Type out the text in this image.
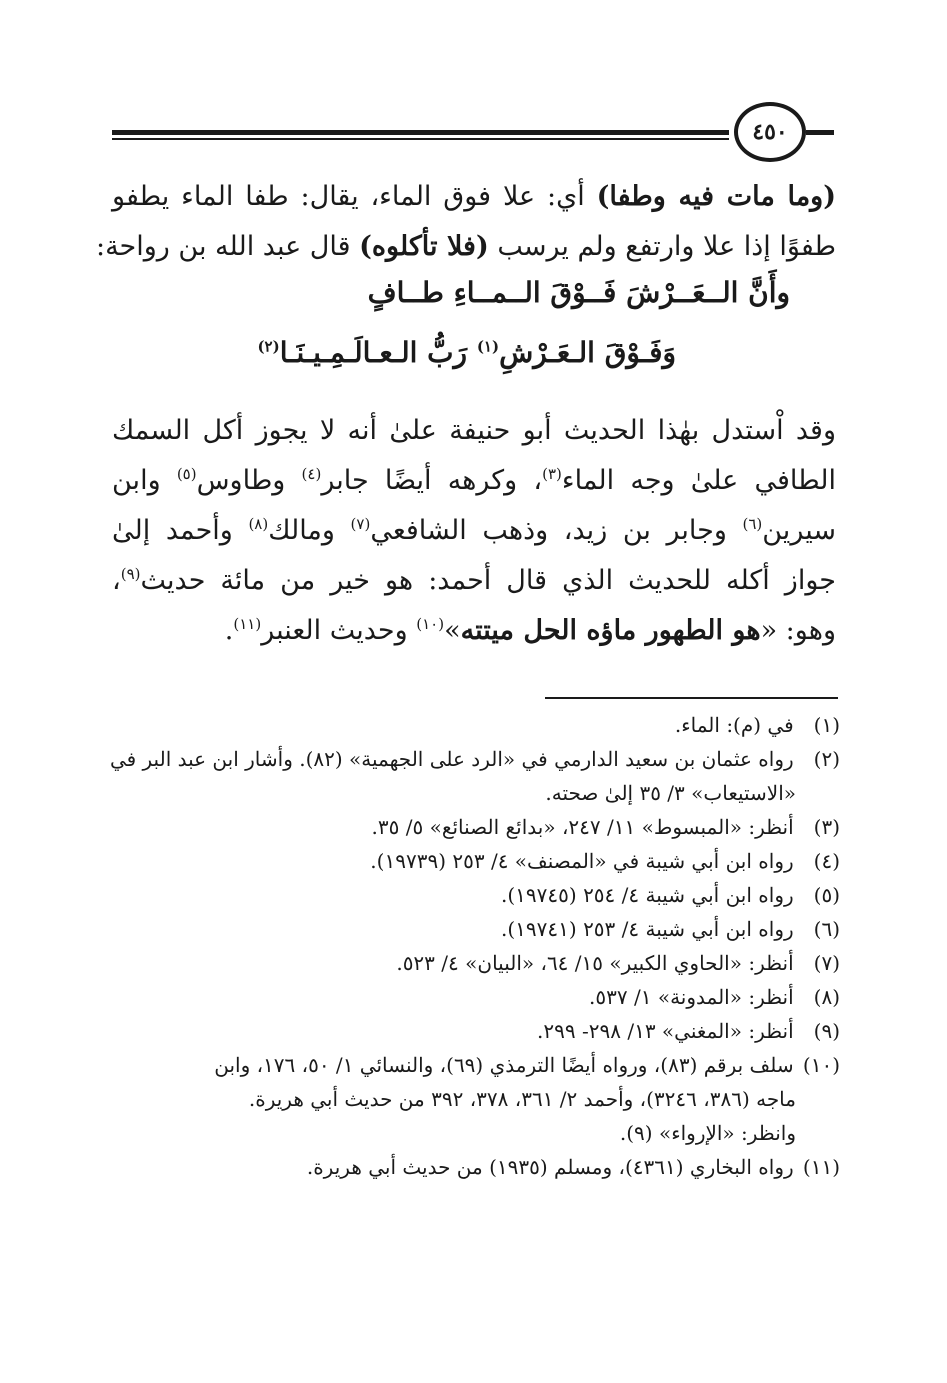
٤٥٠
(وما مات فيه وطفا) أي: علا فوق الماء، يقال: طفا الماء يطفو
طفوًا إذا علا وارتفع ولم يرسب (فلا تأكلوه) قال عبد الله بن رواحة:
وأَنَّ الــعَــرْشَ فَــوْقَ الــمــاءِ طــافٍ
وَفَـوْقَ الـعَـرْشِ$^{(١)}$ رَبُّ الـعـالَـمِـيـنَـا$^{(٢)}$
وقد اْستدل بهٰذا الحديث أبو حنيفة علىٰ أنه لا يجوز أكل السمك
الطافي علىٰ وجه الماء$^{(٣)}$، وكرهه أيضًا جابر$^{(٤)}$ وطاوس$^{(٥)}$ وابن
سيرين$^{(٦)}$ وجابر بن زيد، وذهب الشافعي$^{(٧)}$ ومالك$^{(٨)}$ وأحمد إلىٰ
جواز أكله للحديث الذي قال أحمد: هو خير من مائة حديث$^{(٩)}$،
وهو: «هو الطهور ماؤه الحل ميتته»$^{(١٠)}$ وحديث العنبر$^{(١١)}$.
(١) في (م): الماء.
(٢) رواه عثمان بن سعيد الدارمي في «الرد على الجهمية» (٨٢). وأشار ابن عبد البر في
«الاستيعاب» ٣/ ٣٥ إلىٰ صحته.
(٣) أنظر: «المبسوط» ١١/ ٢٤٧، «بدائع الصنائع» ٥/ ٣٥.
(٤) رواه ابن أبي شيبة في «المصنف» ٤/ ٢٥٣ (١٩٧٣٩).
(٥) رواه ابن أبي شيبة ٤/ ٢٥٤ (١٩٧٤٥).
(٦) رواه ابن أبي شيبة ٤/ ٢٥٣ (١٩٧٤١).
(٧) أنظر: «الحاوي الكبير» ١٥/ ٦٤، «البيان» ٤/ ٥٢٣.
(٨) أنظر: «المدونة» ١/ ٥٣٧.
(٩) أنظر: «المغني» ١٣/ ٢٩٨- ٢٩٩.
(١٠) سلف برقم (٨٣)، ورواه أيضًا الترمذي (٦٩)، والنسائي ١/ ٥٠، ١٧٦، وابن
ماجه (٣٨٦، ٣٢٤٦)، وأحمد ٢/ ٣٦١، ٣٧٨، ٣٩٢ من حديث أبي هريرة.
وانظر: «الإرواء» (٩).
(١١) رواه البخاري (٤٣٦١)، ومسلم (١٩٣٥) من حديث أبي هريرة.
